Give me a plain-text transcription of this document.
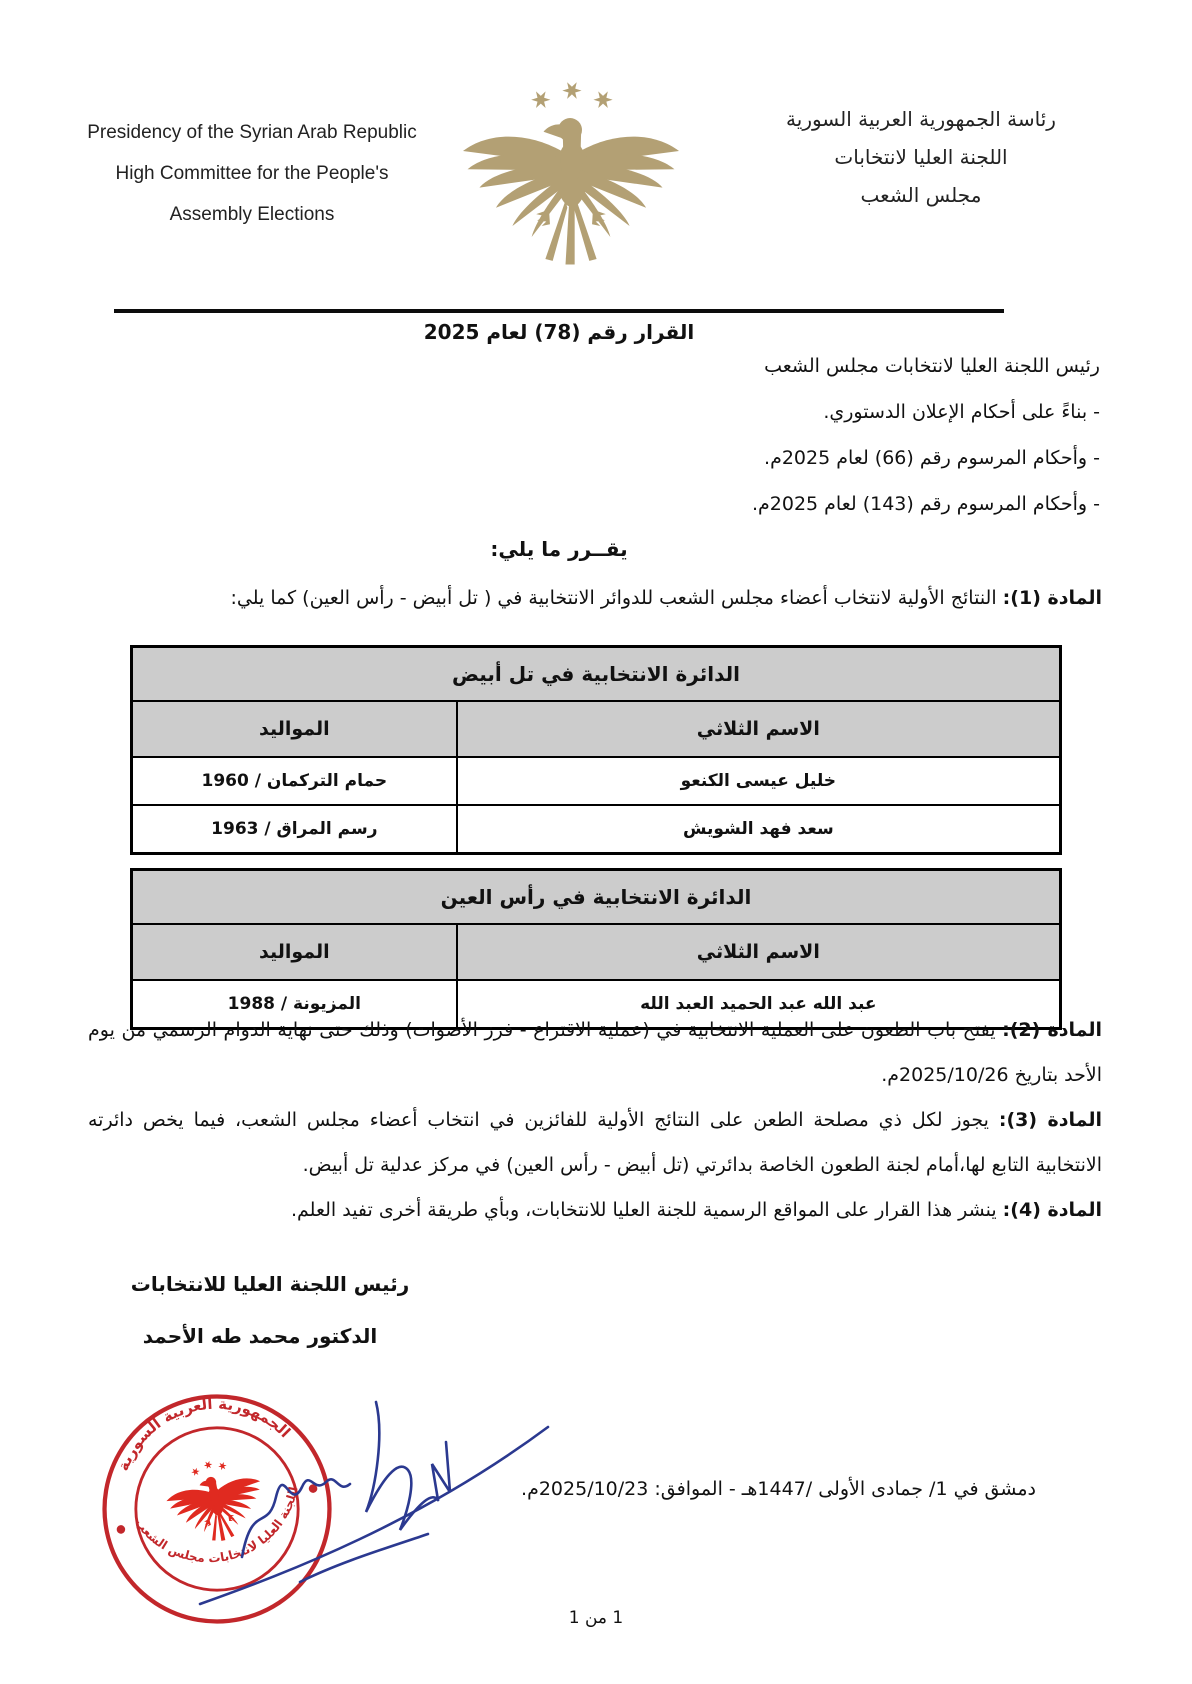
Presidency of the Syrian Arab Republic
High Committee for the People's
Assembly Elections
رئاسة الجمهورية العربية السورية
اللجنة العليا لانتخابات
مجلس الشعب
القرار رقم (78) لعام 2025
رئيس اللجنة العليا لانتخابات مجلس الشعب
- بناءً على أحكام الإعلان الدستوري.
- وأحكام المرسوم رقم (66) لعام 2025م.
- وأحكام المرسوم رقم (143) لعام 2025م.
يقــرر ما يلي:
المادة (1): النتائج الأولية لانتخاب أعضاء مجلس الشعب للدوائر الانتخابية في ( تل أبيض - رأس العين) كما يلي:
الدائرة الانتخابية في تل أبيض	
الاسم الثلاثي	المواليد
خليل عيسى الكنعو	حمام التركمان / 1960
سعد فهد الشويش	رسم المراق / 1963
الدائرة الانتخابية في رأس العين	
الاسم الثلاثي	المواليد
عبد الله عبد الحميد العبد الله	المزيونة / 1988
المادة (2): يفتح باب الطعون على العملية الانتخابية في (عملية الاقتراع - فرز الأصوات) وذلك حتى نهاية الدوام الرسمي من يوم الأحد بتاريخ 2025/10/26م.
المادة (3): يجوز لكل ذي مصلحة الطعن على النتائج الأولية للفائزين في انتخاب أعضاء مجلس الشعب، فيما يخص دائرته الانتخابية التابع لها،أمام لجنة الطعون الخاصة بدائرتي (تل أبيض - رأس العين) في مركز عدلية تل أبيض.
المادة (4): ينشر هذا القرار على المواقع الرسمية للجنة العليا للانتخابات، وبأي طريقة أخرى تفيد العلم.
رئيس اللجنة العليا للانتخابات
الدكتور محمد طه الأحمد
دمشق في 1/ جمادى الأولى /1447هـ - الموافق: 2025/10/23م.
الجمهورية العربية السورية
اللجنة العليا لانتخابات مجلس الشعب
1 من 1
